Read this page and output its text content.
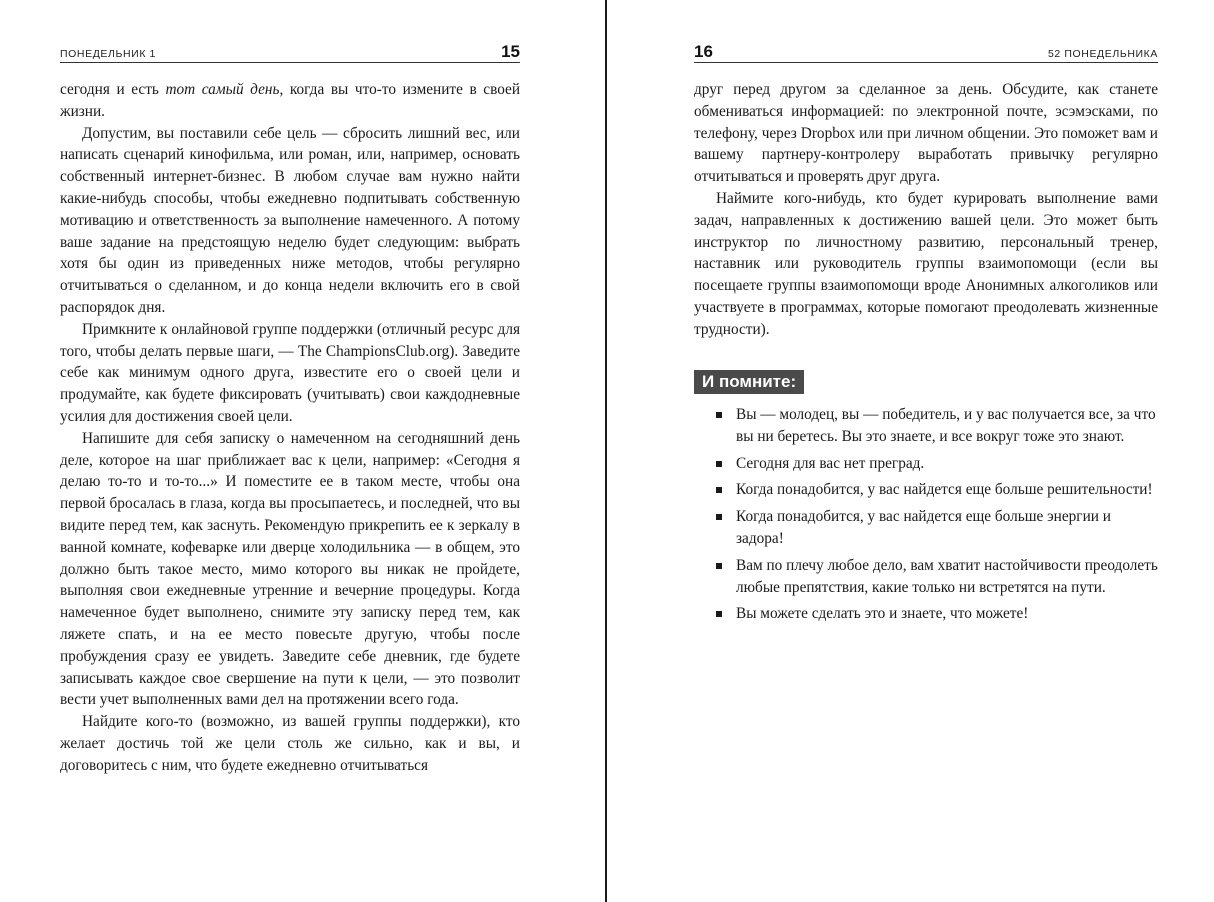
ПОНЕДЕЛЬНИК 1	15

сегодня и есть тот самый день, когда вы что-то измените в своей жизни.

Допустим, вы поставили себе цель — сбросить лишний вес, или написать сценарий кинофильма, или роман, или, например, основать собственный интернет-бизнес. В любом случае вам нужно найти какие-нибудь способы, чтобы ежедневно подпитывать собственную мотивацию и ответственность за выполнение намеченного. А потому ваше задание на предстоящую неделю будет следующим: выбрать хотя бы один из приведенных ниже методов, чтобы регулярно отчитываться о сделанном, и до конца недели включить его в свой распорядок дня.

Примкните к онлайновой группе поддержки (отличный ресурс для того, чтобы делать первые шаги, — The ChampionsClub.org). Заведите себе как минимум одного друга, известите его о своей цели и продумайте, как будете фиксировать (учитывать) свои каждодневные усилия для достижения своей цели.

Напишите для себя записку о намеченном на сегодняшний день деле, которое на шаг приближает вас к цели, например: «Сегодня я делаю то-то и то-то...» И поместите ее в таком месте, чтобы она первой бросалась в глаза, когда вы просыпаетесь, и последней, что вы видите перед тем, как заснуть. Рекомендую прикрепить ее к зеркалу в ванной комнате, кофеварке или дверце холодильника — в общем, это должно быть такое место, мимо которого вы никак не пройдете, выполняя свои ежедневные утренние и вечерние процедуры. Когда намеченное будет выполнено, снимите эту записку перед тем, как ляжете спать, и на ее место повесьте другую, чтобы после пробуждения сразу ее увидеть. Заведите себе дневник, где будете записывать каждое свое свершение на пути к цели, — это позволит вести учет выполненных вами дел на протяжении всего года.

Найдите кого-то (возможно, из вашей группы поддержки), кто желает достичь той же цели столь же сильно, как и вы, и договоритесь с ним, что будете ежедневно отчитываться

16	52 ПОНЕДЕЛЬНИКА

друг перед другом за сделанное за день. Обсудите, как станете обмениваться информацией: по электронной почте, эсэмэсками, по телефону, через Dropbox или при личном общении. Это поможет вам и вашему партнеру-контролеру выработать привычку регулярно отчитываться и проверять друг друга.

Наймите кого-нибудь, кто будет курировать выполнение вами задач, направленных к достижению вашей цели. Это может быть инструктор по личностному развитию, персональный тренер, наставник или руководитель группы взаимопомощи (если вы посещаете группы взаимопомощи вроде Анонимных алкоголиков или участвуете в программах, которые помогают преодолевать жизненные трудности).

И помните:
Вы — молодец, вы — победитель, и у вас получается все, за что вы ни беретесь. Вы это знаете, и все вокруг тоже это знают.
Сегодня для вас нет преград.
Когда понадобится, у вас найдется еще больше решительности!
Когда понадобится, у вас найдется еще больше энергии и задора!
Вам по плечу любое дело, вам хватит настойчивости преодолеть любые препятствия, какие только ни встретятся на пути.
Вы можете сделать это и знаете, что можете!
